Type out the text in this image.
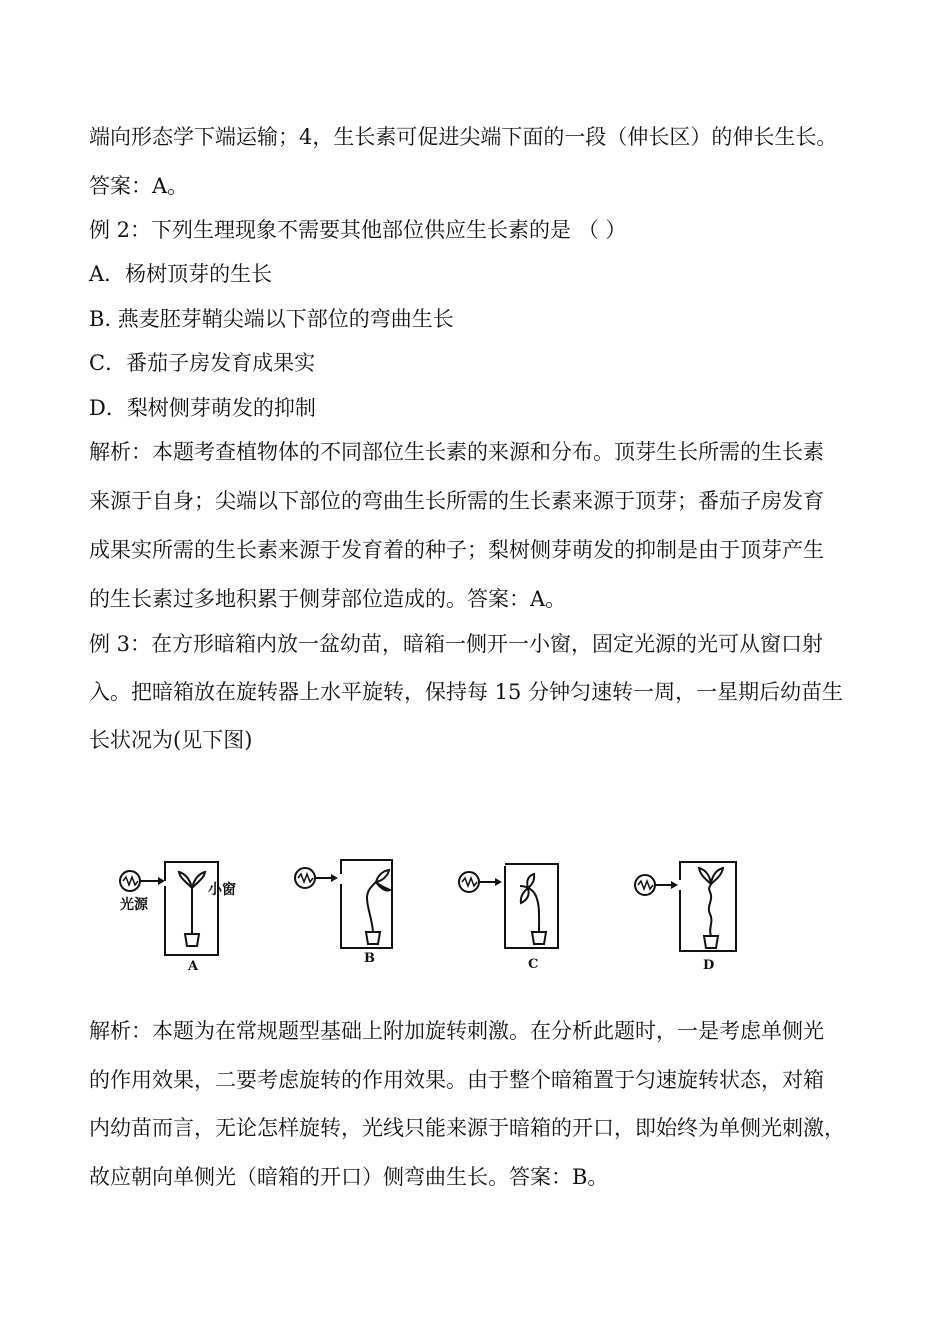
端向形态学下端运输；4，生长素可促进尖端下面的一段（伸长区）的伸长生长。
答案：A。
例 2：下列生理现象不需要其他部位供应生长素的是 （ ）
A．杨树顶芽的生长
B. 燕麦胚芽鞘尖端以下部位的弯曲生长
C．番茄子房发育成果实
D．梨树侧芽萌发的抑制
解析：本题考查植物体的不同部位生长素的来源和分布。顶芽生长所需的生长素
来源于自身；尖端以下部位的弯曲生长所需的生长素来源于顶芽；番茄子房发育
成果实所需的生长素来源于发育着的种子；梨树侧芽萌发的抑制是由于顶芽产生
的生长素过多地积累于侧芽部位造成的。答案：A。
例 3：在方形暗箱内放一盆幼苗，暗箱一侧开一小窗，固定光源的光可从窗口射
入。把暗箱放在旋转器上水平旋转，保持每 15 分钟匀速转一周，一星期后幼苗生
长状况为(见下图)
光源
小窗
A
B	C	D
解析：本题为在常规题型基础上附加旋转刺激。在分析此题时，一是考虑单侧光
的作用效果，二要考虑旋转的作用效果。由于整个暗箱置于匀速旋转状态，对箱
内幼苗而言，无论怎样旋转，光线只能来源于暗箱的开口，即始终为单侧光刺激，
故应朝向单侧光（暗箱的开口）侧弯曲生长。答案：B。
